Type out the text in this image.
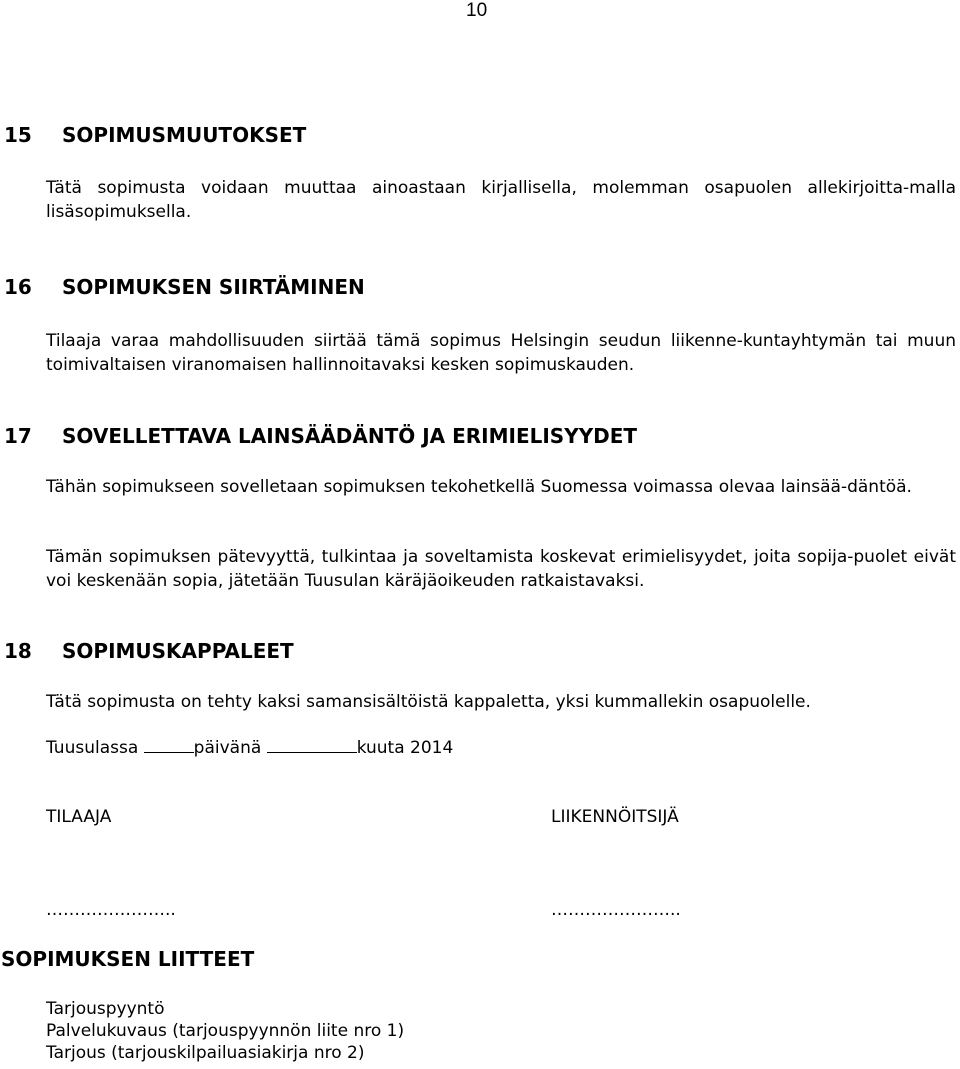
10
15 SOPIMUSMUUTOKSET
Tätä sopimusta voidaan muuttaa ainoastaan kirjallisella, molemman osapuolen allekirjoitta-malla lisäsopimuksella.
16 SOPIMUKSEN SIIRTÄMINEN
Tilaaja varaa mahdollisuuden siirtää tämä sopimus Helsingin seudun liikenne-kuntayhtymän tai muun toimivaltaisen viranomaisen hallinnoitavaksi kesken sopimuskauden.
17 SOVELLETTAVA LAINSÄÄDÄNTÖ JA ERIMIELISYYDET
Tähän sopimukseen sovelletaan sopimuksen tekohetkellä Suomessa voimassa olevaa lainsää-däntöä.
Tämän sopimuksen pätevyyttä, tulkintaa ja soveltamista koskevat erimielisyydet, joita sopija-puolet eivät voi keskenään sopia, jätetään Tuusulan käräjäoikeuden ratkaistavaksi.
18 SOPIMUSKAPPALEET
Tätä sopimusta on tehty kaksi samansisältöistä kappaletta, yksi kummallekin osapuolelle.
Tuusulassa	päivänä	kuuta 2014
TILAAJA	LIIKENNÖITSIJÄ
…………………..	…………………..
SOPIMUKSEN LIITTEET
Tarjouspyyntö
Palvelukuvaus (tarjouspyynnön liite nro 1)
Tarjous (tarjouskilpailuasiakirja nro 2)
